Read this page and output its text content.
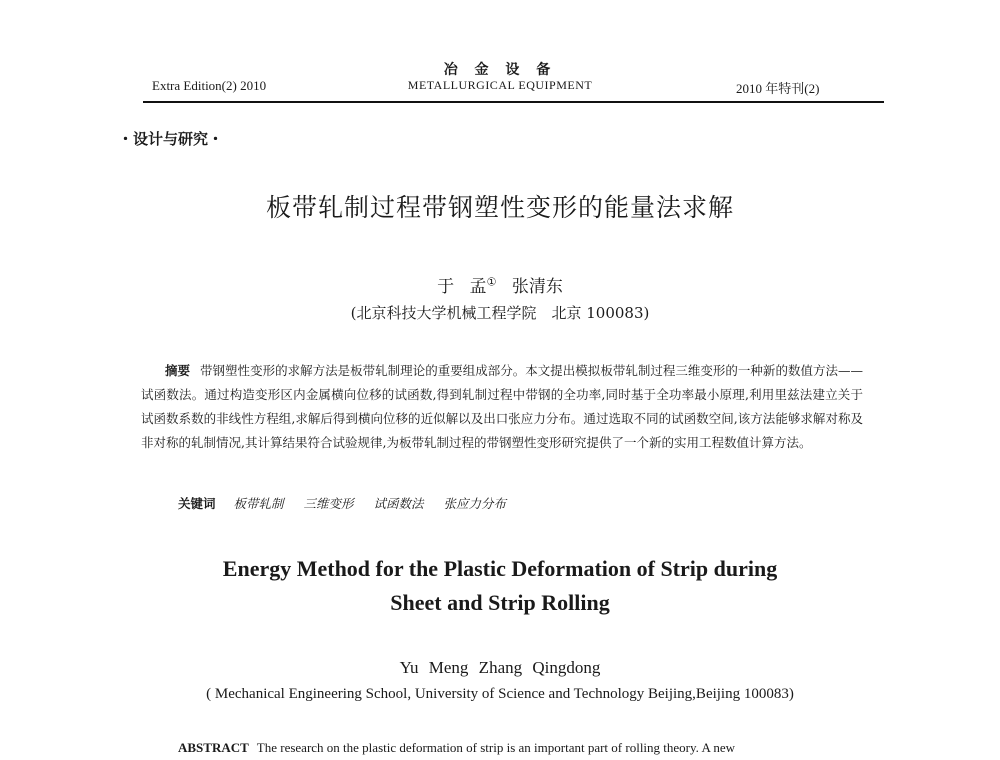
Extra Edition(2) 2010
冶 金 设 备
METALLURGICAL EQUIPMENT	2010 年特刊(2)
・设计与研究・
板带轧制过程带钢塑性变形的能量法求解
于 孟① 张清东
(北京科技大学机械工程学院　北京 100083)
摘要 带钢塑性变形的求解方法是板带轧制理论的重要组成部分。本文提出模拟板带轧制过程三维变形的一种新的数值方法——试函数法。通过构造变形区内金属横向位移的试函数,得到轧制过程中带钢的全功率,同时基于全功率最小原理,利用里兹法建立关于试函数系数的非线性方程组,求解后得到横向位移的近似解以及出口张应力分布。通过选取不同的试函数空间,该方法能够求解对称及非对称的轧制情况,其计算结果符合试验规律,为板带轧制过程的带钢塑性变形研究提供了一个新的实用工程数值计算方法。
关键词 板带轧制 三维变形 试函数法 张应力分布
Energy Method for the Plastic Deformation of Strip during
Sheet and Strip Rolling
Yu Meng Zhang Qingdong
( Mechanical Engineering School, University of Science and Technology Beijing,Beijing 100083)
ABSTRACT The research on the plastic deformation of strip is an important part of rolling theory. A new
